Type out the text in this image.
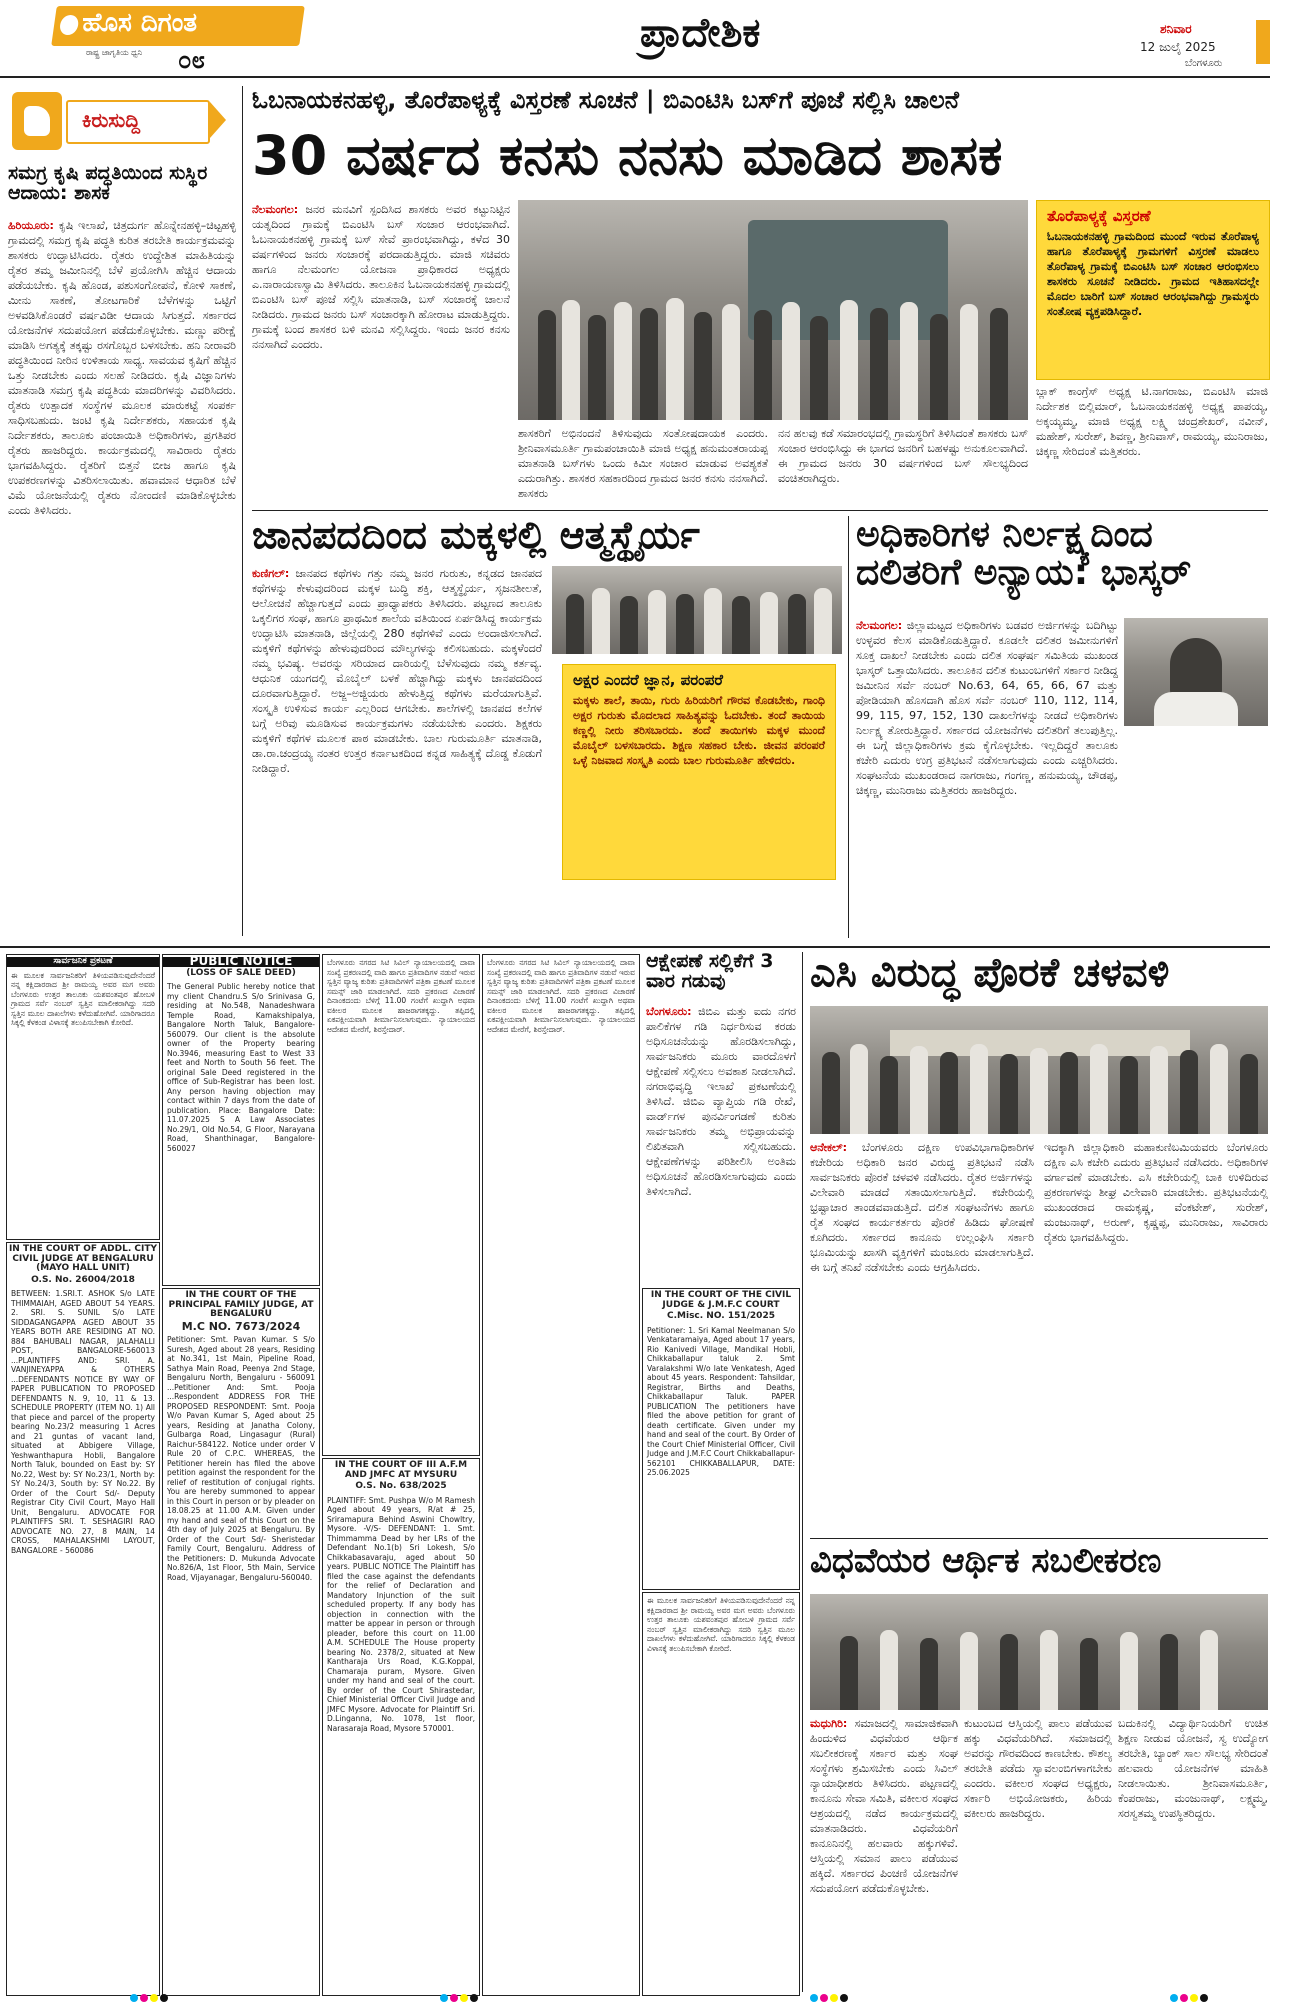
ಹೊಸ ದಿಗಂತ
ರಾಷ್ಟ್ರ ಜಾಗೃತಿಯ ಧ್ವನಿ ೦೮
ಪ್ರಾದೇಶಿಕ	ಶನಿವಾರ
12 ಜುಲೈ 2025
ಬೆಂಗಳೂರು
ಕಿರುಸುದ್ದಿ
ಸಮಗ್ರ ಕೃಷಿ ಪದ್ಧತಿಯಿಂದ ಸುಸ್ಥಿರ ಆದಾಯ: ಶಾಸಕ
ಹಿರಿಯೂರು: ಕೃಷಿ ಇಲಾಖೆ, ಚಿತ್ರದುರ್ಗ ಹೊನ್ನೇನಹಳ್ಳಿ–ಚಿಟ್ಟಹಳ್ಳಿ ಗ್ರಾಮದಲ್ಲಿ ಸಮಗ್ರ ಕೃಷಿ ಪದ್ಧತಿ ಕುರಿತ ತರಬೇತಿ ಕಾರ್ಯಕ್ರಮವನ್ನು ಶಾಸಕರು ಉದ್ಘಾಟಿಸಿದರು. ರೈತರು ಉದ್ದೇಶಿತ ಮಾಹಿತಿಯನ್ನು ರೈತರ ತಮ್ಮ ಜಮೀನಿನಲ್ಲಿ ಬೆಳೆ ಪ್ರಯೋಗಿಸಿ ಹೆಚ್ಚಿನ ಆದಾಯ ಪಡೆಯಬೇಕು. ಕೃಷಿ ಹೊಂಡ, ಪಶುಸಂಗೋಪನೆ, ಕೋಳಿ ಸಾಕಣೆ, ಮೀನು ಸಾಕಣೆ, ತೋಟಗಾರಿಕೆ ಬೆಳೆಗಳನ್ನು ಒಟ್ಟಿಗೆ ಅಳವಡಿಸಿಕೊಂಡರೆ ವರ್ಷವಿಡೀ ಆದಾಯ ಸಿಗುತ್ತದೆ. ಸರ್ಕಾರದ ಯೋಜನೆಗಳ ಸದುಪಯೋಗ ಪಡೆದುಕೊಳ್ಳಬೇಕು. ಮಣ್ಣು ಪರೀಕ್ಷೆ ಮಾಡಿಸಿ ಅಗತ್ಯಕ್ಕೆ ತಕ್ಕಷ್ಟು ರಸಗೊಬ್ಬರ ಬಳಸಬೇಕು. ಹನಿ ನೀರಾವರಿ ಪದ್ಧತಿಯಿಂದ ನೀರಿನ ಉಳಿತಾಯ ಸಾಧ್ಯ. ಸಾವಯವ ಕೃಷಿಗೆ ಹೆಚ್ಚಿನ ಒತ್ತು ನೀಡಬೇಕು ಎಂದು ಸಲಹೆ ನೀಡಿದರು. ಕೃಷಿ ವಿಜ್ಞಾನಿಗಳು ಮಾತನಾಡಿ ಸಮಗ್ರ ಕೃಷಿ ಪದ್ಧತಿಯ ಮಾದರಿಗಳನ್ನು ವಿವರಿಸಿದರು. ರೈತರು ಉತ್ಪಾದಕ ಸಂಸ್ಥೆಗಳ ಮೂಲಕ ಮಾರುಕಟ್ಟೆ ಸಂಪರ್ಕ ಸಾಧಿಸಬಹುದು. ಜಂಟಿ ಕೃಷಿ ನಿರ್ದೇಶಕರು, ಸಹಾಯಕ ಕೃಷಿ ನಿರ್ದೇಶಕರು, ತಾಲೂಕು ಪಂಚಾಯಿತಿ ಅಧಿಕಾರಿಗಳು, ಪ್ರಗತಿಪರ ರೈತರು ಹಾಜರಿದ್ದರು. ಕಾರ್ಯಕ್ರಮದಲ್ಲಿ ಸಾವಿರಾರು ರೈತರು ಭಾಗವಹಿಸಿದ್ದರು. ರೈತರಿಗೆ ಬಿತ್ತನೆ ಬೀಜ ಹಾಗೂ ಕೃಷಿ ಉಪಕರಣಗಳನ್ನು ವಿತರಿಸಲಾಯಿತು. ಹವಾಮಾನ ಆಧಾರಿತ ಬೆಳೆ ವಿಮೆ ಯೋಜನೆಯಲ್ಲಿ ರೈತರು ನೋಂದಣಿ ಮಾಡಿಕೊಳ್ಳಬೇಕು ಎಂದು ತಿಳಿಸಿದರು.
ಓಬನಾಯಕನಹಳ್ಳಿ, ತೊರೆಪಾಳ್ಯಕ್ಕೆ ವಿಸ್ತರಣೆ ಸೂಚನೆ | ಬಿಎಂಟಿಸಿ ಬಸ್‌ಗೆ ಪೂಜೆ ಸಲ್ಲಿಸಿ ಚಾಲನೆ
30 ವರ್ಷದ ಕನಸು ನನಸು ಮಾಡಿದ ಶಾಸಕ
ನೆಲಮಂಗಲ: ಜನರ ಮನವಿಗೆ ಸ್ಪಂದಿಸಿದ ಶಾಸಕರು ಅವರ ಕಟ್ಟುನಿಟ್ಟಿನ ಯತ್ನದಿಂದ ಗ್ರಾಮಕ್ಕೆ ಬಿಎಂಟಿಸಿ ಬಸ್ ಸಂಚಾರ ಆರಂಭವಾಗಿದೆ. ಓಬನಾಯಕನಹಳ್ಳಿ ಗ್ರಾಮಕ್ಕೆ ಬಸ್ ಸೇವೆ ಪ್ರಾರಂಭವಾಗಿದ್ದು, ಕಳೆದ 30 ವರ್ಷಗಳಿಂದ ಜನರು ಸಂಚಾರಕ್ಕೆ ಪರದಾಡುತ್ತಿದ್ದರು. ಮಾಜಿ ಸಚಿವರು ಹಾಗೂ ನೆಲಮಂಗಲ ಯೋಜನಾ ಪ್ರಾಧಿಕಾರದ ಅಧ್ಯಕ್ಷರು ಎ.ನಾರಾಯಣಸ್ವಾಮಿ ತಿಳಿಸಿದರು. ತಾಲೂಕಿನ ಓಬನಾಯಕನಹಳ್ಳಿ ಗ್ರಾಮದಲ್ಲಿ ಬಿಎಂಟಿಸಿ ಬಸ್ ಪೂಜೆ ಸಲ್ಲಿಸಿ ಮಾತನಾಡಿ, ಬಸ್ ಸಂಚಾರಕ್ಕೆ ಚಾಲನೆ ನೀಡಿದರು. ಗ್ರಾಮದ ಜನರು ಬಸ್ ಸಂಚಾರಕ್ಕಾಗಿ ಹೋರಾಟ ಮಾಡುತ್ತಿದ್ದರು. ಗ್ರಾಮಕ್ಕೆ ಬಂದ ಶಾಸಕರ ಬಳಿ ಮನವಿ ಸಲ್ಲಿಸಿದ್ದರು. ಇಂದು ಜನರ ಕನಸು ನನಸಾಗಿದೆ ಎಂದರು.
ತೊರೆಪಾಳ್ಯಕ್ಕೆ ವಿಸ್ತರಣೆ
ಓಬನಾಯಕನಹಳ್ಳಿ ಗ್ರಾಮದಿಂದ ಮುಂದೆ ಇರುವ ತೊರೆಪಾಳ್ಯ ಹಾಗೂ ತೊರೆಪಾಳ್ಯಕ್ಕೆ ಗ್ರಾಮಗಳಿಗೆ ವಿಸ್ತರಣೆ ಮಾಡಲು ತೊರೆಪಾಳ್ಯ ಗ್ರಾಮಕ್ಕೆ ಬಿಎಂಟಿಸಿ ಬಸ್ ಸಂಚಾರ ಆರಂಭಿಸಲು ಶಾಸಕರು ಸೂಚನೆ ನೀಡಿದರು. ಗ್ರಾಮದ ಇತಿಹಾಸದಲ್ಲೇ ಮೊದಲ ಬಾರಿಗೆ ಬಸ್ ಸಂಚಾರ ಆರಂಭವಾಗಿದ್ದು ಗ್ರಾಮಸ್ಥರು ಸಂತೋಷ ವ್ಯಕ್ತಪಡಿಸಿದ್ದಾರೆ.
ಶಾಸಕರಿಗೆ ಅಭಿನಂದನೆ ತಿಳಿಸುವುದು ಸಂತೋಷದಾಯಕ ಎಂದರು. ಶ್ರೀನಿವಾಸಮೂರ್ತಿ ಗ್ರಾಮಪಂಚಾಯಿತಿ ಮಾಜಿ ಅಧ್ಯಕ್ಷ ಹನುಮಂತರಾಯಪ್ಪ ಮಾತನಾಡಿ ಬಸ್‌ಗಳು ಒಂದು ಕಿಮೀ ಸಂಚಾರ ಮಾಡುವ ಅವಶ್ಯಕತೆ ಎದುರಾಗಿತ್ತು. ಶಾಸಕರ ಸಹಕಾರದಿಂದ ಗ್ರಾಮದ ಜನರ ಕನಸು ನನಸಾಗಿದೆ. ಶಾಸಕರು
ನನ ಹಲವು ಕಡೆ ಸಮಾರಂಭದಲ್ಲಿ ಗ್ರಾಮಸ್ಥರಿಗೆ ತಿಳಿಸಿದಂತೆ ಶಾಸಕರು ಬಸ್ ಸಂಚಾರ ಆರಂಭಿಸಿದ್ದು ಈ ಭಾಗದ ಜನರಿಗೆ ಬಹಳಷ್ಟು ಅನುಕೂಲವಾಗಿದೆ. ಈ ಗ್ರಾಮದ ಜನರು 30 ವರ್ಷಗಳಿಂದ ಬಸ್ ಸೌಲಭ್ಯದಿಂದ ವಂಚಿತರಾಗಿದ್ದರು.
ಬ್ಲಾಕ್ ಕಾಂಗ್ರೆಸ್ ಅಧ್ಯಕ್ಷ ಟಿ.ನಾಗರಾಜು, ಬಿಎಂಟಿಸಿ ಮಾಜಿ ನಿರ್ದೇಶಕ ಬಿಲ್ಲಿಮಾರ್, ಓಬನಾಯಕನಹಳ್ಳಿ ಅಧ್ಯಕ್ಷ ಪಾಪಯ್ಯ, ಅಕ್ಕಯ್ಯಮ್ಮ, ಮಾಜಿ ಅಧ್ಯಕ್ಷ ಲಕ್ಷ್ಮಿ ಚಂದ್ರಶೇಖರ್, ನವೀನ್, ಮಹೇಶ್, ಸುರೇಶ್, ಶಿವಣ್ಣ, ಶ್ರೀನಿವಾಸ್, ರಾಮಯ್ಯ, ಮುನಿರಾಜು, ಚಿಕ್ಕಣ್ಣ ಸೇರಿದಂತೆ ಮತ್ತಿತರರು.
ಜಾನಪದದಿಂದ ಮಕ್ಕಳಲ್ಲಿ ಆತ್ಮಸ್ಥೈರ್ಯ
ಕುಣಿಗಲ್: ಜಾನಪದ ಕಥೆಗಳು ಗತ್ತು ನಮ್ಮ ಜನರ ಗುರುತು, ಕನ್ನಡದ ಜಾನಪದ ಕಥೆಗಳನ್ನು ಕೇಳುವುದರಿಂದ ಮಕ್ಕಳ ಬುದ್ಧಿ ಶಕ್ತಿ, ಆತ್ಮಸ್ಥೈರ್ಯ, ಸೃಜನಶೀಲತೆ, ಆಲೋಚನೆ ಹೆಚ್ಚಾಗುತ್ತದೆ ಎಂದು ಪ್ರಾಧ್ಯಾಪಕರು ತಿಳಿಸಿದರು. ಪಟ್ಟಣದ ತಾಲೂಕು ಒಕ್ಕಲಿಗರ ಸಂಘ, ಹಾಗೂ ಪ್ರಾಥಮಿಕ ಶಾಲೆಯ ವತಿಯಿಂದ ಏರ್ಪಡಿಸಿದ್ದ ಕಾರ್ಯಕ್ರಮ ಉದ್ಘಾಟಿಸಿ ಮಾತನಾಡಿ, ಜಿಲ್ಲೆಯಲ್ಲಿ 280 ಕಥೆಗಳಿವೆ ಎಂದು ಅಂದಾಜಿಸಲಾಗಿದೆ. ಮಕ್ಕಳಿಗೆ ಕಥೆಗಳನ್ನು ಹೇಳುವುದರಿಂದ ಮೌಲ್ಯಗಳನ್ನು ಕಲಿಸಬಹುದು. ಮಕ್ಕಳೆಂದರೆ ನಮ್ಮ ಭವಿಷ್ಯ. ಅವರನ್ನು ಸರಿಯಾದ ದಾರಿಯಲ್ಲಿ ಬೆಳೆಸುವುದು ನಮ್ಮ ಕರ್ತವ್ಯ. ಆಧುನಿಕ ಯುಗದಲ್ಲಿ ಮೊಬೈಲ್ ಬಳಕೆ ಹೆಚ್ಚಾಗಿದ್ದು ಮಕ್ಕಳು ಜಾನಪದದಿಂದ ದೂರವಾಗುತ್ತಿದ್ದಾರೆ. ಅಜ್ಜ–ಅಜ್ಜಿಯರು ಹೇಳುತ್ತಿದ್ದ ಕಥೆಗಳು ಮರೆಯಾಗುತ್ತಿವೆ. ಸಂಸ್ಕೃತಿ ಉಳಿಸುವ ಕಾರ್ಯ ಎಲ್ಲರಿಂದ ಆಗಬೇಕು. ಶಾಲೆಗಳಲ್ಲಿ ಜಾನಪದ ಕಲೆಗಳ ಬಗ್ಗೆ ಅರಿವು ಮೂಡಿಸುವ ಕಾರ್ಯಕ್ರಮಗಳು ನಡೆಯಬೇಕು ಎಂದರು. ಶಿಕ್ಷಕರು ಮಕ್ಕಳಿಗೆ ಕಥೆಗಳ ಮೂಲಕ ಪಾಠ ಮಾಡಬೇಕು. ಬಾಲ ಗುರುಮೂರ್ತಿ ಮಾತನಾಡಿ, ಡಾ.ರಾ.ಚಂದ್ರಯ್ಯ ನಂತರ ಉತ್ತರ ಕರ್ನಾಟಕದಿಂದ ಕನ್ನಡ ಸಾಹಿತ್ಯಕ್ಕೆ ದೊಡ್ಡ ಕೊಡುಗೆ ನೀಡಿದ್ದಾರೆ.
ಅಕ್ಷರ ಎಂದರೆ ಜ್ಞಾನ, ಪರಂಪರೆ
ಮಕ್ಕಳು ಶಾಲೆ, ತಾಯಿ, ಗುರು ಹಿರಿಯರಿಗೆ ಗೌರವ ಕೊಡಬೇಕು, ಗಾಂಧಿ ಅಕ್ಷರ ಗುರುತು ಮೊದಲಾದ ಸಾಹಿತ್ಯವನ್ನು ಓದಬೇಕು. ತಂದೆ ತಾಯಿಯ ಕಣ್ಣಲ್ಲಿ ನೀರು ತರಿಸಬಾರದು. ತಂದೆ ತಾಯಿಗಳು ಮಕ್ಕಳ ಮುಂದೆ ಮೊಬೈಲ್ ಬಳಸಬಾರದು. ಶಿಕ್ಷಣ ಸಹಕಾರ ಬೇಕು. ಜೀವನ ಪರಂಪರೆ ಒಳ್ಳೆ ನಿಜವಾದ ಸಂಸ್ಕೃತಿ ಎಂದು ಬಾಲ ಗುರುಮೂರ್ತಿ ಹೇಳಿದರು.
ಅಧಿಕಾರಿಗಳ ನಿರ್ಲಕ್ಷ್ಯದಿಂದ ದಲಿತರಿಗೆ ಅನ್ಯಾಯ: ಭಾಸ್ಕರ್
ನೆಲಮಂಗಲ: ಜಿಲ್ಲಾಮಟ್ಟದ ಅಧಿಕಾರಿಗಳು ಬಡವರ ಅರ್ಜಿಗಳನ್ನು ಬದಿಗಿಟ್ಟು ಉಳ್ಳವರ ಕೆಲಸ ಮಾಡಿಕೊಡುತ್ತಿದ್ದಾರೆ. ಕೂಡಲೇ ದಲಿತರ ಜಮೀನುಗಳಿಗೆ ಸೂಕ್ತ ದಾಖಲೆ ನೀಡಬೇಕು ಎಂದು ದಲಿತ ಸಂಘರ್ಷ ಸಮಿತಿಯ ಮುಖಂಡ ಭಾಸ್ಕರ್ ಒತ್ತಾಯಿಸಿದರು. ತಾಲೂಕಿನ ದಲಿತ ಕುಟುಂಬಗಳಿಗೆ ಸರ್ಕಾರ ನೀಡಿದ್ದ ಜಮೀನಿನ ಸರ್ವೆ ನಂಬರ್ No.63, 64, 65, 66, 67 ಮತ್ತು ಪೋಡಿಯಾಗಿ ಹೊಸದಾಗಿ ಹೊಸ ಸರ್ವೆ ನಂಬರ್ 110, 112, 114, 99, 115, 97, 152, 130 ದಾಖಲೆಗಳನ್ನು ನೀಡದೆ ಅಧಿಕಾರಿಗಳು ನಿರ್ಲಕ್ಷ್ಯ ತೋರುತ್ತಿದ್ದಾರೆ. ಸರ್ಕಾರದ ಯೋಜನೆಗಳು ದಲಿತರಿಗೆ ತಲುಪುತ್ತಿಲ್ಲ. ಈ ಬಗ್ಗೆ ಜಿಲ್ಲಾಧಿಕಾರಿಗಳು ಕ್ರಮ ಕೈಗೊಳ್ಳಬೇಕು. ಇಲ್ಲದಿದ್ದರೆ ತಾಲೂಕು ಕಚೇರಿ ಎದುರು ಉಗ್ರ ಪ್ರತಿಭಟನೆ ನಡೆಸಲಾಗುವುದು ಎಂದು ಎಚ್ಚರಿಸಿದರು. ಸಂಘಟನೆಯ ಮುಖಂಡರಾದ ನಾಗರಾಜು, ಗಂಗಣ್ಣ, ಹನುಮಯ್ಯ, ಚೌಡಪ್ಪ, ಚಿಕ್ಕಣ್ಣ, ಮುನಿರಾಜು ಮತ್ತಿತರರು ಹಾಜರಿದ್ದರು.
ಸಾರ್ವಜನಿಕ ಪ್ರಕಟಣೆ
ಈ ಮೂಲಕ ಸಾರ್ವಜನಿಕರಿಗೆ ತಿಳಿಯಪಡಿಸುವುದೇನೆಂದರೆ ನನ್ನ ಕಕ್ಷಿದಾರರಾದ ಶ್ರೀ ರಾಮಯ್ಯ ಅವರ ಮಗ ಅವರು ಬೆಂಗಳೂರು ಉತ್ತರ ತಾಲೂಕು ಯಶವಂತಪುರ ಹೋಬಳಿ ಗ್ರಾಮದ ಸರ್ವೆ ನಂಬರ್ ಸ್ವತ್ತಿನ ಮಾಲೀಕರಾಗಿದ್ದು ಸದರಿ ಸ್ವತ್ತಿನ ಮೂಲ ದಾಖಲೆಗಳು ಕಳೆದುಹೋಗಿವೆ. ಯಾರಿಗಾದರೂ ಸಿಕ್ಕಲ್ಲಿ ಕೆಳಕಂಡ ವಿಳಾಸಕ್ಕೆ ತಲುಪಿಸಬೇಕಾಗಿ ಕೋರಿದೆ.
PUBLIC NOTICE
(LOSS OF SALE DEED)
The General Public hereby notice that my client Chandru.S S/o Srinivasa G, residing at No.548, Nanadeshwara Temple Road, Kamakshipalya, Bangalore North Taluk, Bangalore-560079. Our client is the absolute owner of the Property bearing No.3946, measuring East to West 33 feet and North to South 56 feet. The original Sale Deed registered in the office of Sub-Registrar has been lost. Any person having objection may contact within 7 days from the date of publication. Place: Bangalore Date: 11.07.2025 S A Law Associates No.29/1, Old No.54, G Floor, Narayana Road, Shanthinagar, Bangalore-560027
IN THE COURT OF ADDL. CITY CIVIL JUDGE AT BENGALURU (MAYO HALL UNIT)
O.S. No. 26004/2018
BETWEEN: 1.SRI.T. ASHOK S/o LATE THIMMAIAH, AGED ABOUT 54 YEARS. 2. SRI. S. SUNIL S/o LATE SIDDAGANGAPPA AGED ABOUT 35 YEARS BOTH ARE RESIDING AT NO. 884 BAHUBALI NAGAR, JALAHALLI POST, BANGALORE-560013 ...PLAINTIFFS AND: SRI. A. VANJINEYAPPA & OTHERS ...DEFENDANTS NOTICE BY WAY OF PAPER PUBLICATION TO PROPOSED DEFENDANTS N. 9, 10, 11 & 13. SCHEDULE PROPERTY (ITEM NO. 1) All that piece and parcel of the property bearing No.23/2 measuring 1 Acres and 21 guntas of vacant land, situated at Abbigere Village, Yeshwanthapura Hobli, Bangalore North Taluk, bounded on East by: SY No.22, West by: SY No.23/1, North by: SY No.24/3, South by: SY No.22. By Order of the Court Sd/- Deputy Registrar City Civil Court, Mayo Hall Unit, Bengaluru. ADVOCATE FOR PLAINTIFFS SRI. T. SESHAGIRI RAO ADVOCATE NO. 27, 8 MAIN, 14 CROSS, MAHALAKSHMI LAYOUT, BANGALORE - 560086
IN THE COURT OF THE PRINCIPAL FAMILY JUDGE, AT BENGALURU
M.C NO. 7673/2024
Petitioner: Smt. Pavan Kumar. S S/o Suresh, Aged about 28 years, Residing at No.341, 1st Main, Pipeline Road, Sathya Main Road, Peenya 2nd Stage, Bengaluru North, Bengaluru - 560091 ...Petitioner And: Smt. Pooja ...Respondent ADDRESS FOR THE PROPOSED RESPONDENT: Smt. Pooja W/o Pavan Kumar S, Aged about 25 years, Residing at Janatha Colony, Gulbarga Road, Lingasagur (Rural) Raichur-584122. Notice under order V Rule 20 of C.P.C. WHEREAS, the Petitioner herein has filed the above petition against the respondent for the relief of restitution of conjugal rights. You are hereby summoned to appear in this Court in person or by pleader on 18.08.25 at 11.00 A.M. Given under my hand and seal of this Court on the 4th day of July 2025 at Bengaluru. By Order of the Court Sd/- Sheristedar Family Court, Bengaluru. Address of the Petitioners: D. Mukunda Advocate No.826/A, 1st Floor, 5th Main, Service Road, Vijayanagar, Bengaluru-560040.
ಬೆಂಗಳೂರು ನಗರದ ಸಿಟಿ ಸಿವಿಲ್ ನ್ಯಾಯಾಲಯದಲ್ಲಿ ದಾವಾ ಸಂಖ್ಯೆ ಪ್ರಕರಣದಲ್ಲಿ ವಾದಿ ಹಾಗೂ ಪ್ರತಿವಾದಿಗಳ ನಡುವೆ ಇರುವ ಸ್ವತ್ತಿನ ವ್ಯಾಜ್ಯ ಕುರಿತು ಪ್ರತಿವಾದಿಗಳಿಗೆ ಪತ್ರಿಕಾ ಪ್ರಕಟಣೆ ಮೂಲಕ ಸಮನ್ಸ್ ಜಾರಿ ಮಾಡಲಾಗಿದೆ. ಸದರಿ ಪ್ರಕರಣದ ವಿಚಾರಣೆ ದಿನಾಂಕದಂದು ಬೆಳಿಗ್ಗೆ 11.00 ಗಂಟೆಗೆ ಖುದ್ದಾಗಿ ಅಥವಾ ವಕೀಲರ ಮೂಲಕ ಹಾಜರಾಗತಕ್ಕದ್ದು. ತಪ್ಪಿದಲ್ಲಿ ಏಕಪಕ್ಷೀಯವಾಗಿ ತೀರ್ಮಾನಿಸಲಾಗುವುದು. ನ್ಯಾಯಾಲಯದ ಆದೇಶದ ಮೇರೆಗೆ, ಶಿರಸ್ತೇದಾರ್.
IN THE COURT OF III A.F.M AND JMFC AT MYSURU
O.S. No. 638/2025
PLAINTIFF: Smt. Pushpa W/o M Ramesh Aged about 49 years, R/at # 25, Sriramapura Behind Aswini Chowltry, Mysore. -V/S- DEFENDANT: 1. Smt. Thimmamma Dead by her LRs of the Defendant No.1(b) Sri Lokesh, S/o Chikkabasavaraju, aged about 50 years. PUBLIC NOTICE The Plaintiff has filed the case against the defendants for the relief of Declaration and Mandatory Injunction of the suit scheduled property. If any body has objection in connection with the matter be appear in person or through pleader, before this court on 11.00 A.M. SCHEDULE The House property bearing No. 2378/2, situated at New Kantharaja Urs Road, K.G.Koppal, Chamaraja puram, Mysore. Given under my hand and seal of the court. By order of the Court Shirastedar, Chief Ministerial Officer Civil Judge and JMFC Mysore. Advocate for Plaintiff Sri. D.Linganna, No. 1078, 1st floor, Narasaraja Road, Mysore 570001.
ಬೆಂಗಳೂರು ನಗರದ ಸಿಟಿ ಸಿವಿಲ್ ನ್ಯಾಯಾಲಯದಲ್ಲಿ ದಾವಾ ಸಂಖ್ಯೆ ಪ್ರಕರಣದಲ್ಲಿ ವಾದಿ ಹಾಗೂ ಪ್ರತಿವಾದಿಗಳ ನಡುವೆ ಇರುವ ಸ್ವತ್ತಿನ ವ್ಯಾಜ್ಯ ಕುರಿತು ಪ್ರತಿವಾದಿಗಳಿಗೆ ಪತ್ರಿಕಾ ಪ್ರಕಟಣೆ ಮೂಲಕ ಸಮನ್ಸ್ ಜಾರಿ ಮಾಡಲಾಗಿದೆ. ಸದರಿ ಪ್ರಕರಣದ ವಿಚಾರಣೆ ದಿನಾಂಕದಂದು ಬೆಳಿಗ್ಗೆ 11.00 ಗಂಟೆಗೆ ಖುದ್ದಾಗಿ ಅಥವಾ ವಕೀಲರ ಮೂಲಕ ಹಾಜರಾಗತಕ್ಕದ್ದು. ತಪ್ಪಿದಲ್ಲಿ ಏಕಪಕ್ಷೀಯವಾಗಿ ತೀರ್ಮಾನಿಸಲಾಗುವುದು. ನ್ಯಾಯಾಲಯದ ಆದೇಶದ ಮೇರೆಗೆ, ಶಿರಸ್ತೇದಾರ್.
IN THE COURT OF THE CIVIL JUDGE & J.M.F.C COURT
C.Misc. NO. 151/2025
Petitioner: 1. Sri Kamal Neelmanan S/o Venkataramaiya, Aged about 17 years, Rio Kanivedi Village, Mandikal Hobli, Chikkaballapur taluk 2. Smt Varalakshmi W/o late Venkatesh, Aged about 45 years. Respondent: Tahsildar, Registrar, Births and Deaths, Chikkaballapur Taluk. PAPER PUBLICATION The petitioners have filed the above petition for grant of death certificate. Given under my hand and seal of the court. By Order of the Court Chief Ministerial Officer, Civil Judge and J.M.F.C Court Chikkaballapur-562101 CHIKKABALLAPUR, DATE: 25.06.2025
ಈ ಮೂಲಕ ಸಾರ್ವಜನಿಕರಿಗೆ ತಿಳಿಯಪಡಿಸುವುದೇನೆಂದರೆ ನನ್ನ ಕಕ್ಷಿದಾರರಾದ ಶ್ರೀ ರಾಮಯ್ಯ ಅವರ ಮಗ ಅವರು ಬೆಂಗಳೂರು ಉತ್ತರ ತಾಲೂಕು ಯಶವಂತಪುರ ಹೋಬಳಿ ಗ್ರಾಮದ ಸರ್ವೆ ನಂಬರ್ ಸ್ವತ್ತಿನ ಮಾಲೀಕರಾಗಿದ್ದು ಸದರಿ ಸ್ವತ್ತಿನ ಮೂಲ ದಾಖಲೆಗಳು ಕಳೆದುಹೋಗಿವೆ. ಯಾರಿಗಾದರೂ ಸಿಕ್ಕಲ್ಲಿ ಕೆಳಕಂಡ ವಿಳಾಸಕ್ಕೆ ತಲುಪಿಸಬೇಕಾಗಿ ಕೋರಿದೆ.
ಆಕ್ಷೇಪಣೆ ಸಲ್ಲಿಕೆಗೆ 3 ವಾರ ಗಡುವು
ಬೆಂಗಳೂರು: ಜಿಬಿಎ ಮತ್ತು ಐದು ನಗರ ಪಾಲಿಕೆಗಳ ಗಡಿ ನಿರ್ಧರಿಸುವ ಕರಡು ಅಧಿಸೂಚನೆಯನ್ನು ಹೊರಡಿಸಲಾಗಿದ್ದು, ಸಾರ್ವಜನಿಕರು ಮೂರು ವಾರದೊಳಗೆ ಆಕ್ಷೇಪಣೆ ಸಲ್ಲಿಸಲು ಅವಕಾಶ ನೀಡಲಾಗಿದೆ. ನಗರಾಭಿವೃದ್ಧಿ ಇಲಾಖೆ ಪ್ರಕಟಣೆಯಲ್ಲಿ ತಿಳಿಸಿದೆ. ಜಿಬಿಎ ವ್ಯಾಪ್ತಿಯ ಗಡಿ ರೇಖೆ, ವಾರ್ಡ್‌ಗಳ ಪುನರ್ವಿಂಗಡಣೆ ಕುರಿತು ಸಾರ್ವಜನಿಕರು ತಮ್ಮ ಅಭಿಪ್ರಾಯವನ್ನು ಲಿಖಿತವಾಗಿ ಸಲ್ಲಿಸಬಹುದು. ಆಕ್ಷೇಪಣೆಗಳನ್ನು ಪರಿಶೀಲಿಸಿ ಅಂತಿಮ ಅಧಿಸೂಚನೆ ಹೊರಡಿಸಲಾಗುವುದು ಎಂದು ತಿಳಿಸಲಾಗಿದೆ.
ಎಸಿ ವಿರುದ್ಧ ಪೊರಕೆ ಚಳವಳಿ
ಆನೇಕಲ್: ಬೆಂಗಳೂರು ದಕ್ಷಿಣ ಉಪವಿಭಾಗಾಧಿಕಾರಿಗಳ ಕಚೇರಿಯ ಅಧಿಕಾರಿ ಜನರ ವಿರುದ್ಧ ಪ್ರತಿಭಟನೆ ನಡೆಸಿ ಸಾರ್ವಜನಿಕರು ಪೊರಕೆ ಚಳವಳಿ ನಡೆಸಿದರು. ರೈತರ ಅರ್ಜಿಗಳನ್ನು ವಿಲೇವಾರಿ ಮಾಡದೆ ಸತಾಯಿಸಲಾಗುತ್ತಿದೆ. ಕಚೇರಿಯಲ್ಲಿ ಭ್ರಷ್ಟಾಚಾರ ತಾಂಡವವಾಡುತ್ತಿದೆ. ದಲಿತ ಸಂಘಟನೆಗಳು ಹಾಗೂ ರೈತ ಸಂಘದ ಕಾರ್ಯಕರ್ತರು ಪೊರಕೆ ಹಿಡಿದು ಘೋಷಣೆ ಕೂಗಿದರು. ಸರ್ಕಾರದ ಕಾನೂನು ಉಲ್ಲಂಘಿಸಿ ಸರ್ಕಾರಿ ಭೂಮಿಯನ್ನು ಖಾಸಗಿ ವ್ಯಕ್ತಿಗಳಿಗೆ ಮಂಜೂರು ಮಾಡಲಾಗುತ್ತಿದೆ. ಈ ಬಗ್ಗೆ ತನಿಖೆ ನಡೆಸಬೇಕು ಎಂದು ಆಗ್ರಹಿಸಿದರು.
ಇದಕ್ಕಾಗಿ ಜಿಲ್ಲಾಧಿಕಾರಿ ಮಹಾಕುಣಿಬಮಿಯವರು ಬೆಂಗಳೂರು ದಕ್ಷಿಣ ಎಸಿ ಕಚೇರಿ ಎದುರು ಪ್ರತಿಭಟನೆ ನಡೆಸಿದರು. ಅಧಿಕಾರಿಗಳ ವರ್ಗಾವಣೆ ಮಾಡಬೇಕು. ಎಸಿ ಕಚೇರಿಯಲ್ಲಿ ಬಾಕಿ ಉಳಿದಿರುವ ಪ್ರಕರಣಗಳನ್ನು ಶೀಘ್ರ ವಿಲೇವಾರಿ ಮಾಡಬೇಕು. ಪ್ರತಿಭಟನೆಯಲ್ಲಿ ಮುಖಂಡರಾದ ರಾಮಕೃಷ್ಣ, ವೆಂಕಟೇಶ್, ಸುರೇಶ್, ಮಂಜುನಾಥ್, ಅರುಣ್, ಕೃಷ್ಣಪ್ಪ, ಮುನಿರಾಜು, ಸಾವಿರಾರು ರೈತರು ಭಾಗವಹಿಸಿದ್ದರು.
ವಿಧವೆಯರ ಆರ್ಥಿಕ ಸಬಲೀಕರಣ
ಮಧುಗಿರಿ: ಸಮಾಜದಲ್ಲಿ ಸಾಮಾಜಿಕವಾಗಿ ಹಿಂದುಳಿದ ವಿಧವೆಯರ ಆರ್ಥಿಕ ಸಬಲೀಕರಣಕ್ಕೆ ಸರ್ಕಾರ ಮತ್ತು ಸಂಘ ಸಂಸ್ಥೆಗಳು ಶ್ರಮಿಸಬೇಕು ಎಂದು ಸಿವಿಲ್ ನ್ಯಾಯಾಧೀಶರು ತಿಳಿಸಿದರು. ಪಟ್ಟಣದಲ್ಲಿ ಕಾನೂನು ಸೇವಾ ಸಮಿತಿ, ವಕೀಲರ ಸಂಘದ ಆಶ್ರಯದಲ್ಲಿ ನಡೆದ ಕಾರ್ಯಕ್ರಮದಲ್ಲಿ ಮಾತನಾಡಿದರು. ವಿಧವೆಯರಿಗೆ ಕಾನೂನಿನಲ್ಲಿ ಹಲವಾರು ಹಕ್ಕುಗಳಿವೆ. ಆಸ್ತಿಯಲ್ಲಿ ಸಮಾನ ಪಾಲು ಪಡೆಯುವ ಹಕ್ಕಿದೆ. ಸರ್ಕಾರದ ಪಿಂಚಣಿ ಯೋಜನೆಗಳ ಸದುಪಯೋಗ ಪಡೆದುಕೊಳ್ಳಬೇಕು.
ಕುಟುಂಬದ ಆಸ್ತಿಯಲ್ಲಿ ಪಾಲು ಪಡೆಯುವ ಹಕ್ಕು ವಿಧವೆಯರಿಗಿದೆ. ಸಮಾಜದಲ್ಲಿ ಅವರನ್ನು ಗೌರವದಿಂದ ಕಾಣಬೇಕು. ಕೌಶಲ್ಯ ತರಬೇತಿ ಪಡೆದು ಸ್ವಾವಲಂಬಿಗಳಾಗಬೇಕು ಎಂದರು. ವಕೀಲರ ಸಂಘದ ಅಧ್ಯಕ್ಷರು, ಸರ್ಕಾರಿ ಅಭಿಯೋಜಕರು, ಹಿರಿಯ ವಕೀಲರು ಹಾಜರಿದ್ದರು.
ಬದುಕಿನಲ್ಲಿ ವಿದ್ಯಾರ್ಥಿನಿಯರಿಗೆ ಉಚಿತ ಶಿಕ್ಷಣ ನೀಡುವ ಯೋಜನೆ, ಸ್ವ ಉದ್ಯೋಗ ತರಬೇತಿ, ಬ್ಯಾಂಕ್ ಸಾಲ ಸೌಲಭ್ಯ ಸೇರಿದಂತೆ ಹಲವಾರು ಯೋಜನೆಗಳ ಮಾಹಿತಿ ನೀಡಲಾಯಿತು. ಶ್ರೀನಿವಾಸಮೂರ್ತಿ, ಕೆಂಪರಾಜು, ಮಂಜುನಾಥ್, ಲಕ್ಷ್ಮಮ್ಮ, ಸರಸ್ವತಮ್ಮ ಉಪಸ್ಥಿತರಿದ್ದರು.
